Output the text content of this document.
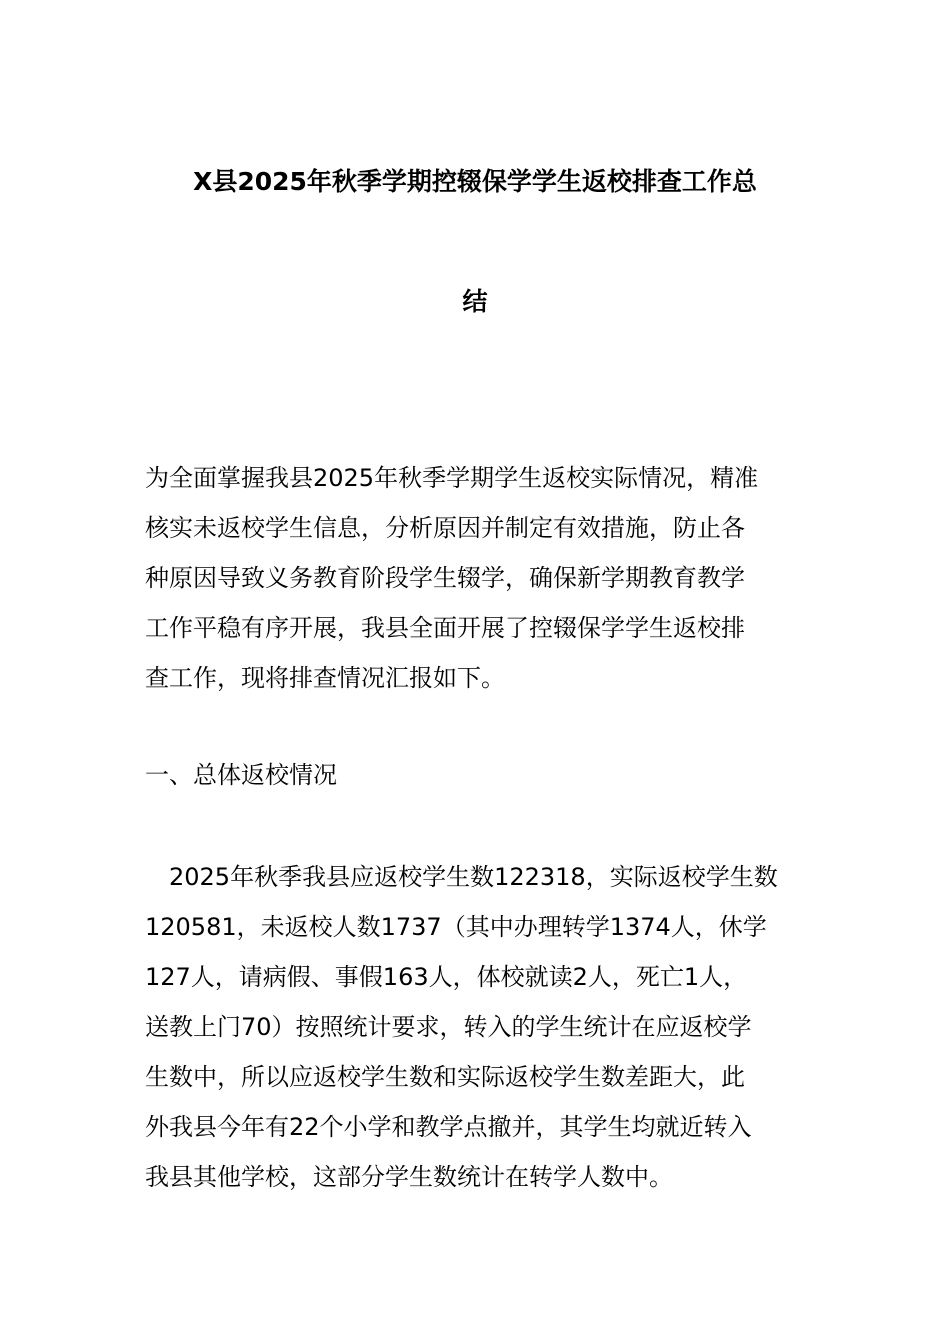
X县2025年秋季学期控辍保学学生返校排查工作总
结
为全面掌握我县2025年秋季学期学生返校实际情况，精准
核实未返校学生信息，分析原因并制定有效措施，防止各
种原因导致义务教育阶段学生辍学，确保新学期教育教学
工作平稳有序开展，我县全面开展了控辍保学学生返校排
查工作，现将排查情况汇报如下。
一、总体返校情况
2025年秋季我县应返校学生数122318，实际返校学生数
120581，未返校人数1737（其中办理转学1374人，休学
127人，请病假、事假163人，体校就读2人，死亡1人，
送教上门70）按照统计要求，转入的学生统计在应返校学
生数中，所以应返校学生数和实际返校学生数差距大，此
外我县今年有22个小学和教学点撤并，其学生均就近转入
我县其他学校，这部分学生数统计在转学人数中。
